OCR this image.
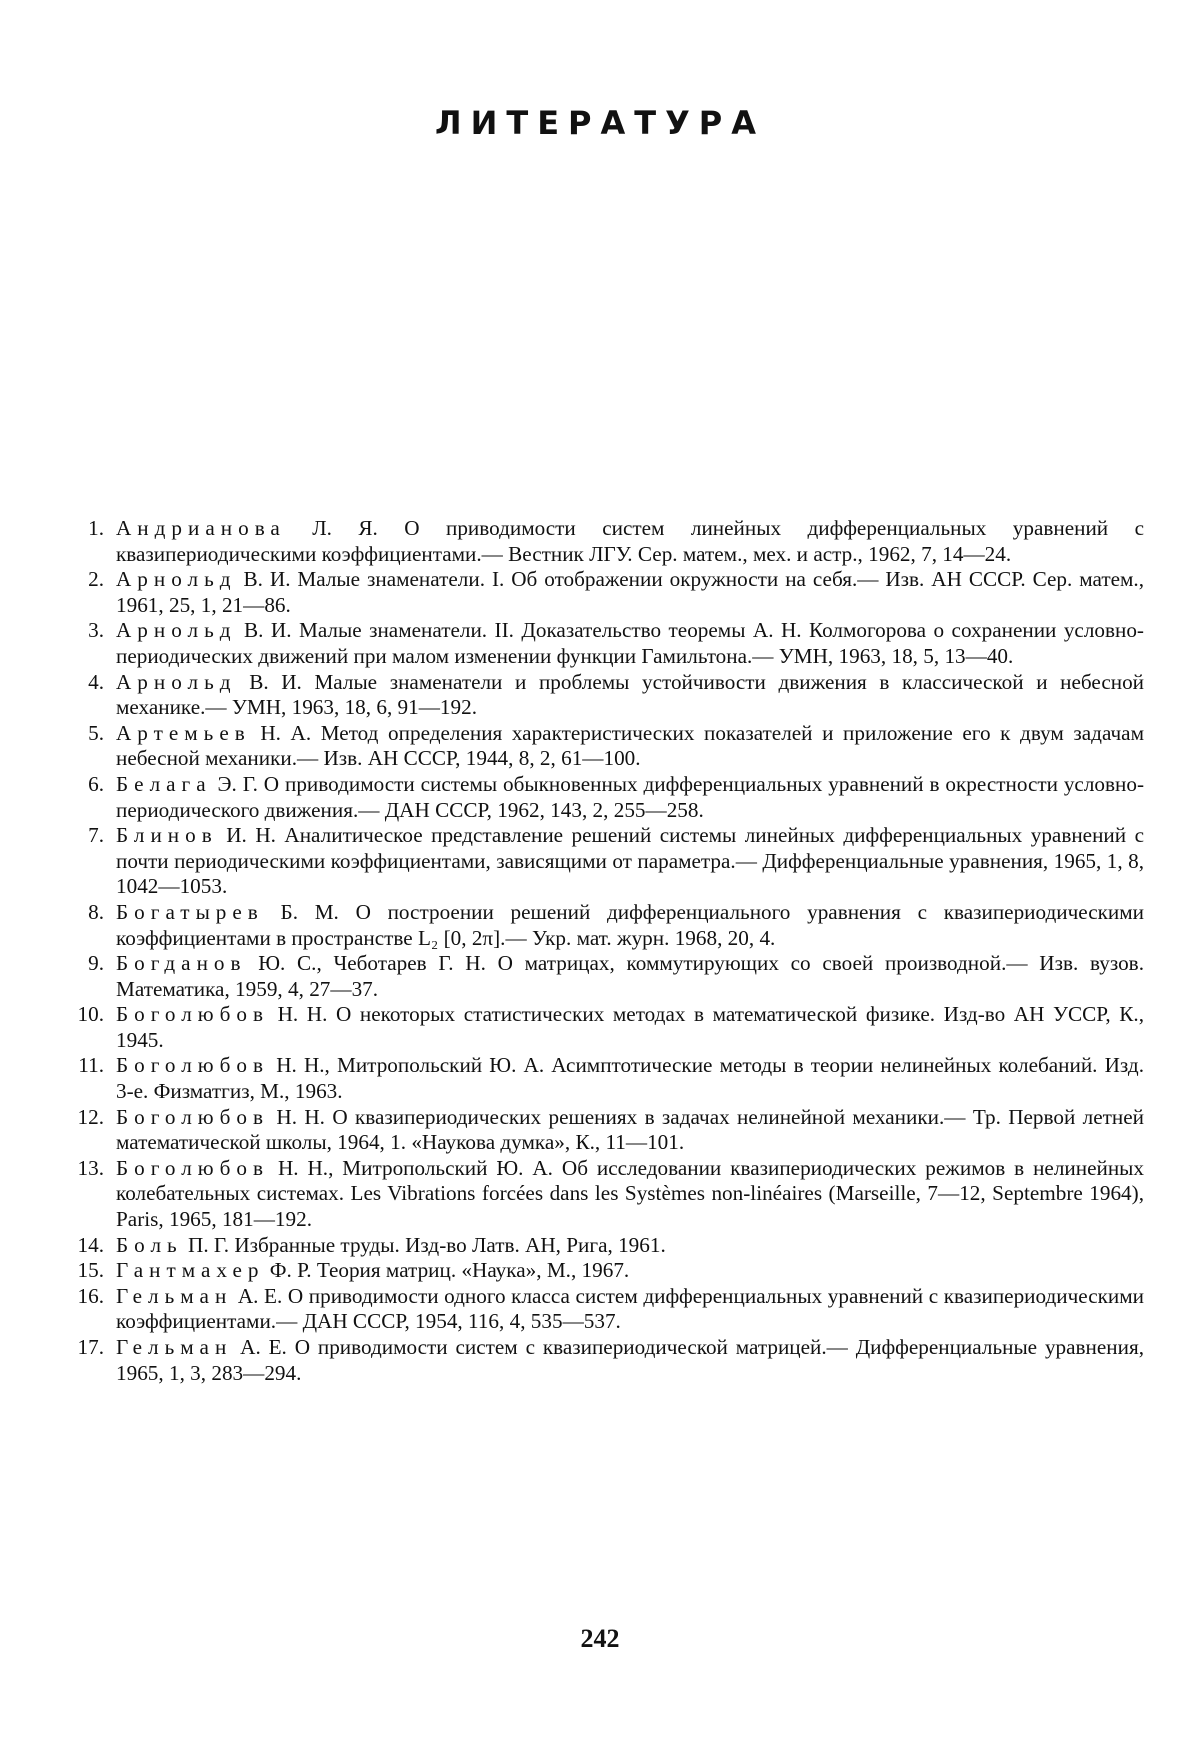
ЛИТЕРАТУРА
1. Андрианова Л. Я. О приводимости систем линейных дифференциальных уравнений с квазипериодическими коэффициентами.— Вестник ЛГУ. Сер. матем., мех. и астр., 1962, 7, 14—24.
2. Арнольд В. И. Малые знаменатели. I. Об отображении окружности на себя.— Изв. АН СССР. Сер. матем., 1961, 25, 1, 21—86.
3. Арнольд В. И. Малые знаменатели. II. Доказательство теоремы А. Н. Колмогорова о сохранении условно-периодических движений при малом изменении функции Гамильтона.— УМН, 1963, 18, 5, 13—40.
4. Арнольд В. И. Малые знаменатели и проблемы устойчивости движения в классической и небесной механике.— УМН, 1963, 18, 6, 91—192.
5. Артемьев Н. А. Метод определения характеристических показателей и приложение его к двум задачам небесной механики.— Изв. АН СССР, 1944, 8, 2, 61—100.
6. Белага Э. Г. О приводимости системы обыкновенных дифференциальных уравнений в окрестности условно-периодического движения.— ДАН СССР, 1962, 143, 2, 255—258.
7. Блинов И. Н. Аналитическое представление решений системы линейных дифференциальных уравнений с почти периодическими коэффициентами, зависящими от параметра.— Дифференциальные уравнения, 1965, 1, 8, 1042—1053.
8. Богатырев Б. М. О построении решений дифференциального уравнения с квазипериодическими коэффициентами в пространстве L₂ [0, 2π].— Укр. мат. журн. 1968, 20, 4.
9. Богданов Ю. С., Чеботарев Г. Н. О матрицах, коммутирующих со своей производной.— Изв. вузов. Математика, 1959, 4, 27—37.
10. Боголюбов Н. Н. О некоторых статистических методах в математической физике. Изд-во АН УССР, К., 1945.
11. Боголюбов Н. Н., Митропольский Ю. А. Асимптотические методы в теории нелинейных колебаний. Изд. 3-е. Физматгиз, М., 1963.
12. Боголюбов Н. Н. О квазипериодических решениях в задачах нелинейной механики.— Тр. Первой летней математической школы, 1964, 1. «Наукова думка», К., 11—101.
13. Боголюбов Н. Н., Митропольский Ю. А. Об исследовании квазипериодических режимов в нелинейных колебательных системах. Les Vibrations forcées dans les Systèmes non-linéaires (Marseille, 7—12, Septembre 1964), Paris, 1965, 181—192.
14. Боль П. Г. Избранные труды. Изд-во Латв. АН, Рига, 1961.
15. Гантмахер Ф. Р. Теория матриц. «Наука», М., 1967.
16. Гельман А. Е. О приводимости одного класса систем дифференциальных уравнений с квазипериодическими коэффициентами.— ДАН СССР, 1954, 116, 4, 535—537.
17. Гельман А. Е. О приводимости систем с квазипериодической матрицей.— Дифференциальные уравнения, 1965, 1, 3, 283—294.
242
